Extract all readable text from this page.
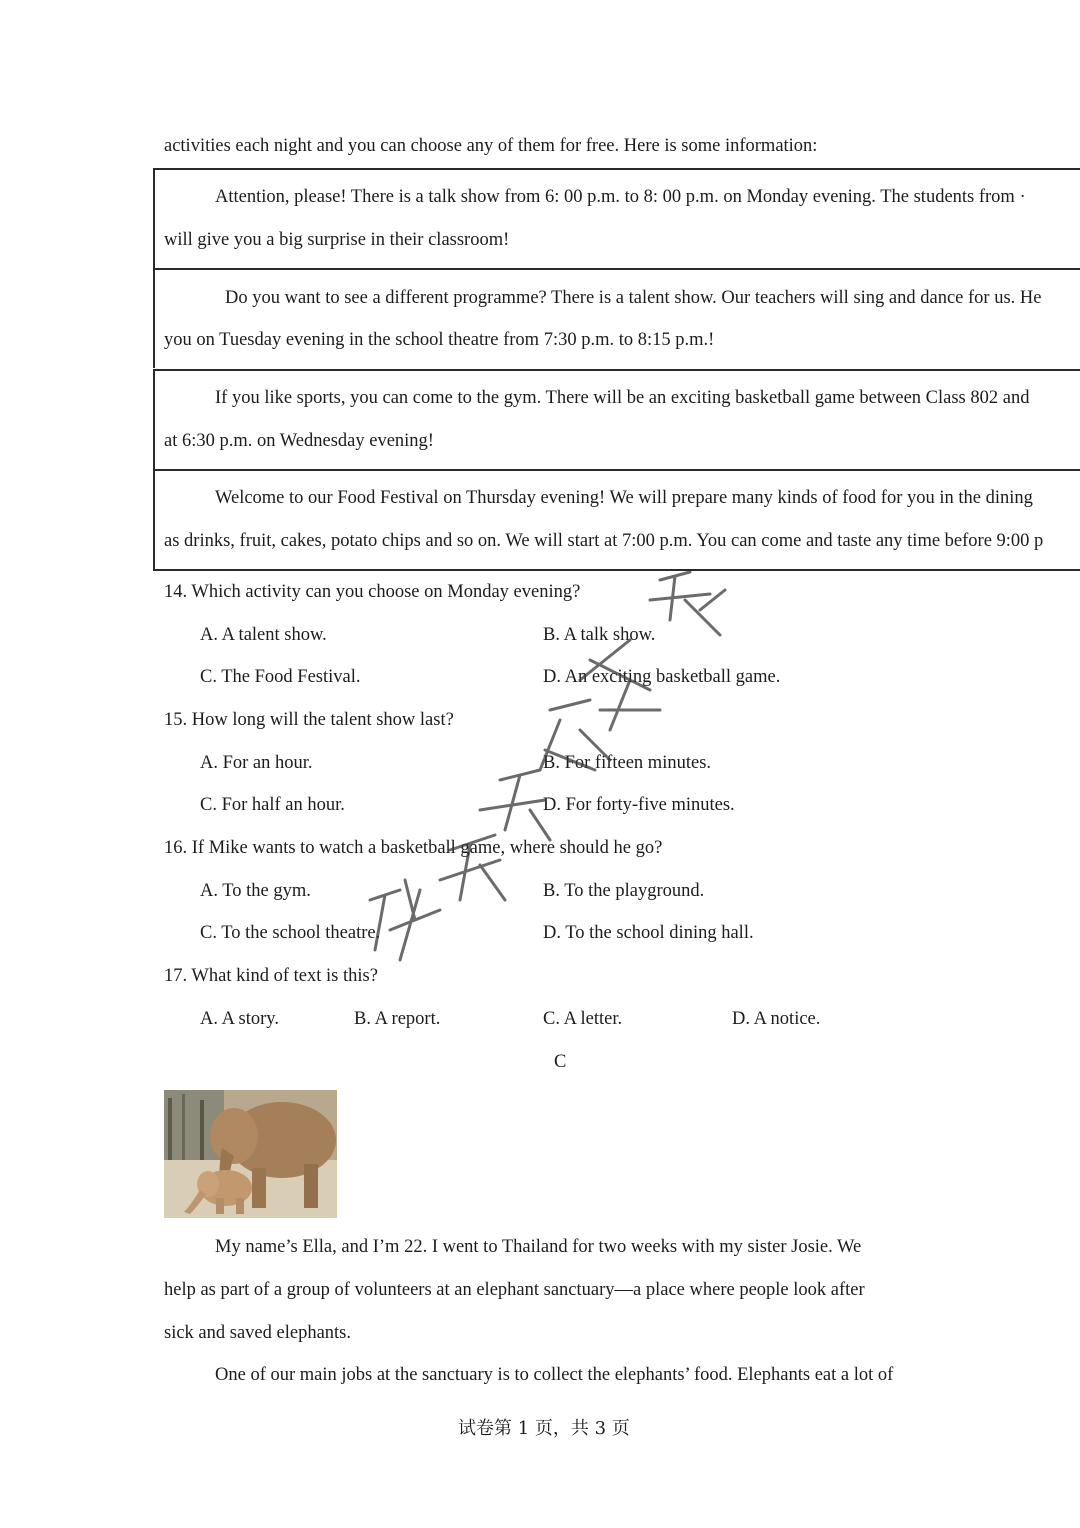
activities each night and you can choose any of them for free. Here is some information:
Attention, please! There is a talk show from 6: 00 p.m. to 8: 00 p.m. on Monday evening. The students from ·
will give you a big surprise in their classroom!
Do you want to see a different programme? There is a talent show. Our teachers will sing and dance for us. He
you on Tuesday evening in the school theatre from 7:30 p.m. to 8:15 p.m.!
If you like sports, you can come to the gym. There will be an exciting basketball game between Class 802 and
at 6:30 p.m. on Wednesday evening!
Welcome to our Food Festival on Thursday evening! We will prepare many kinds of food for you in the dining
as drinks, fruit, cakes, potato chips and so on. We will start at 7:00 p.m. You can come and taste any time before 9:00 p
14. Which activity can you choose on Monday evening?
A. A talent show.	B. A talk show.
C. The Food Festival.	D. An exciting basketball game.
15. How long will the talent show last?
A. For an hour.	B. For fifteen minutes.
C. For half an hour.	D. For forty-five minutes.
16. If Mike wants to watch a basketball game, where should he go?
A. To the gym.	B. To the playground.
C. To the school theatre.	D. To the school dining hall.
17. What kind of text is this?
A. A story.	B. A report.	C. A letter.	D. A notice.
C
My name’s Ella, and I’m 22. I went to Thailand for two weeks with my sister Josie. We
help as part of a group of volunteers at an elephant sanctuary—a place where people look after
sick and saved elephants.
One of our main jobs at the sanctuary is to collect the elephants’ food. Elephants eat a lot of
试卷第 1 页，共 3 页
